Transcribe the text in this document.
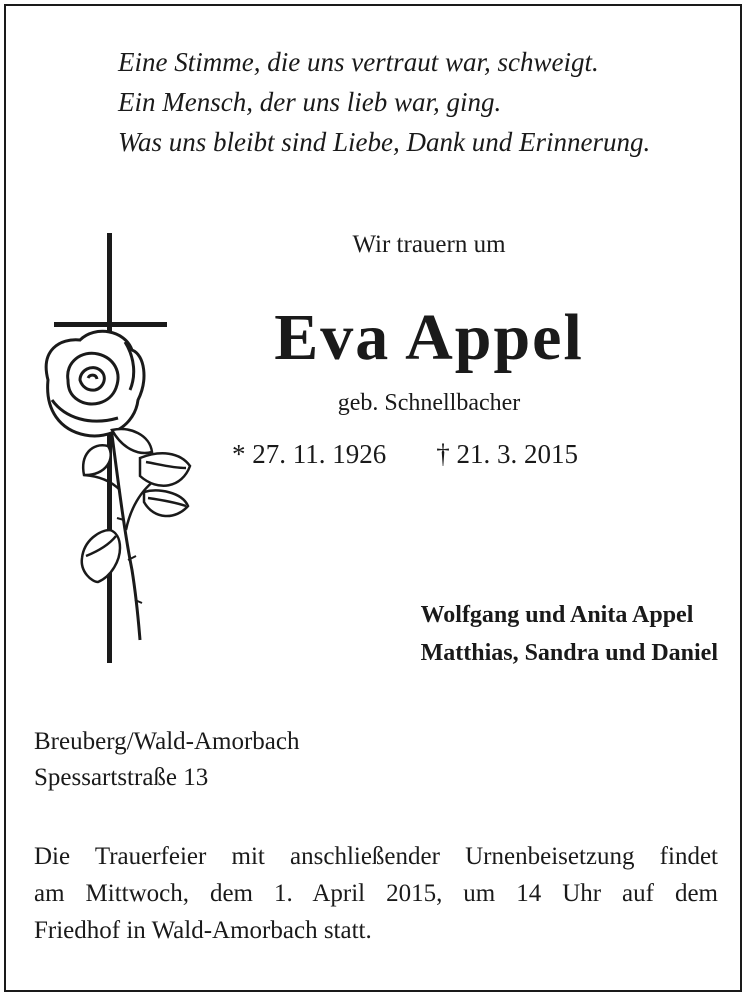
Eine Stimme, die uns vertraut war, schweigt.
Ein Mensch, der uns lieb war, ging.
Was uns bleibt sind Liebe, Dank und Erinnerung.
Wir trauern um
Eva Appel
geb. Schnellbacher
* 27. 11. 1926 † 21. 3. 2015
Wolfgang und Anita Appel
Matthias, Sandra und Daniel
Breuberg/Wald-Amorbach
Spessartstraße 13
Die Trauerfeier mit anschließender Urnenbeisetzung findet
am Mittwoch, dem 1. April 2015, um 14 Uhr auf dem
Friedhof in Wald-Amorbach statt.
